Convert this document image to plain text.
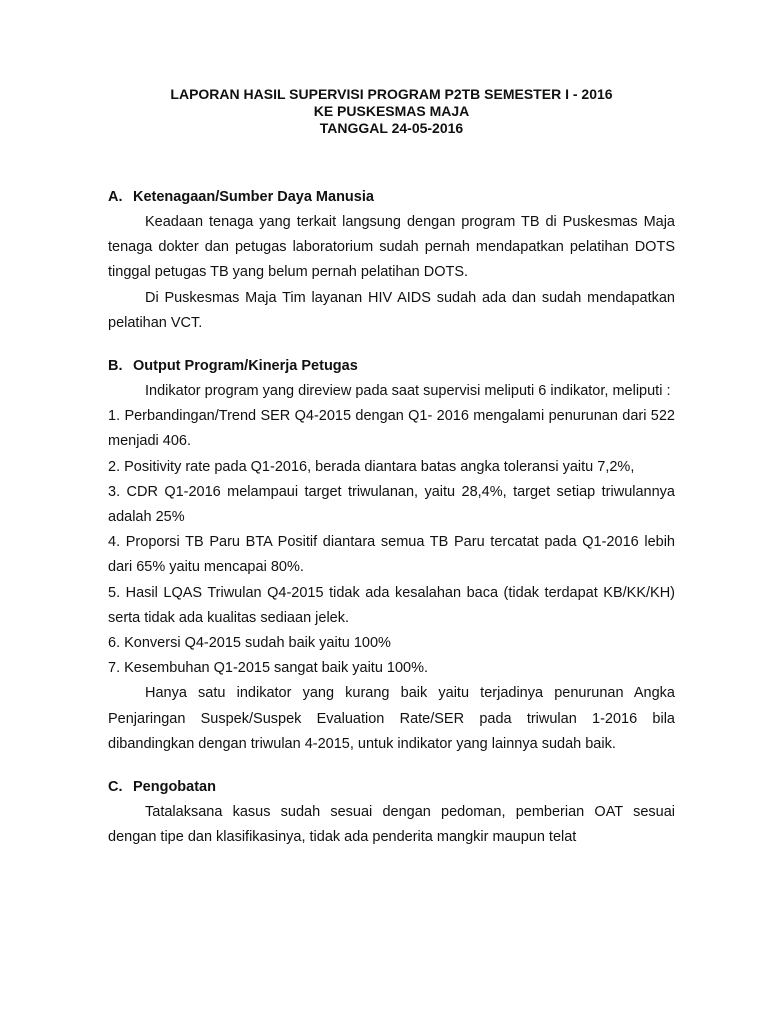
LAPORAN HASIL SUPERVISI PROGRAM P2TB SEMESTER I - 2016
KE PUSKESMAS MAJA
TANGGAL 24-05-2016
A. Ketenagaan/Sumber Daya Manusia

Keadaan tenaga yang terkait langsung dengan program TB di Puskesmas Maja tenaga dokter dan petugas laboratorium sudah pernah mendapatkan pelatihan DOTS tinggal petugas TB yang belum pernah pelatihan DOTS.

Di Puskesmas Maja Tim layanan HIV AIDS sudah ada dan sudah mendapatkan pelatihan VCT.

B. Output Program/Kinerja Petugas

Indikator program yang direview pada saat supervisi meliputi 6 indikator, meliputi :

1. Perbandingan/Trend SER Q4-2015 dengan Q1- 2016 mengalami penurunan dari 522 menjadi 406.

2. Positivity rate pada Q1-2016, berada diantara batas angka toleransi yaitu 7,2%,

3. CDR Q1-2016 melampaui target triwulanan, yaitu 28,4%, target setiap triwulannya adalah 25%

4. Proporsi TB Paru BTA Positif diantara semua TB Paru tercatat pada Q1-2016 lebih dari 65% yaitu mencapai 80%.

5. Hasil LQAS Triwulan Q4-2015 tidak ada kesalahan baca (tidak terdapat KB/KK/KH) serta tidak ada kualitas sediaan jelek.

6. Konversi Q4-2015 sudah baik yaitu 100%

7. Kesembuhan Q1-2015 sangat baik yaitu 100%.

Hanya satu indikator yang kurang baik yaitu terjadinya penurunan Angka Penjaringan Suspek/Suspek Evaluation Rate/SER pada triwulan 1-2016 bila dibandingkan dengan triwulan 4-2015, untuk indikator yang lainnya sudah baik.

C. Pengobatan

Tatalaksana kasus sudah sesuai dengan pedoman, pemberian OAT sesuai dengan tipe dan klasifikasinya, tidak ada penderita mangkir maupun telat
